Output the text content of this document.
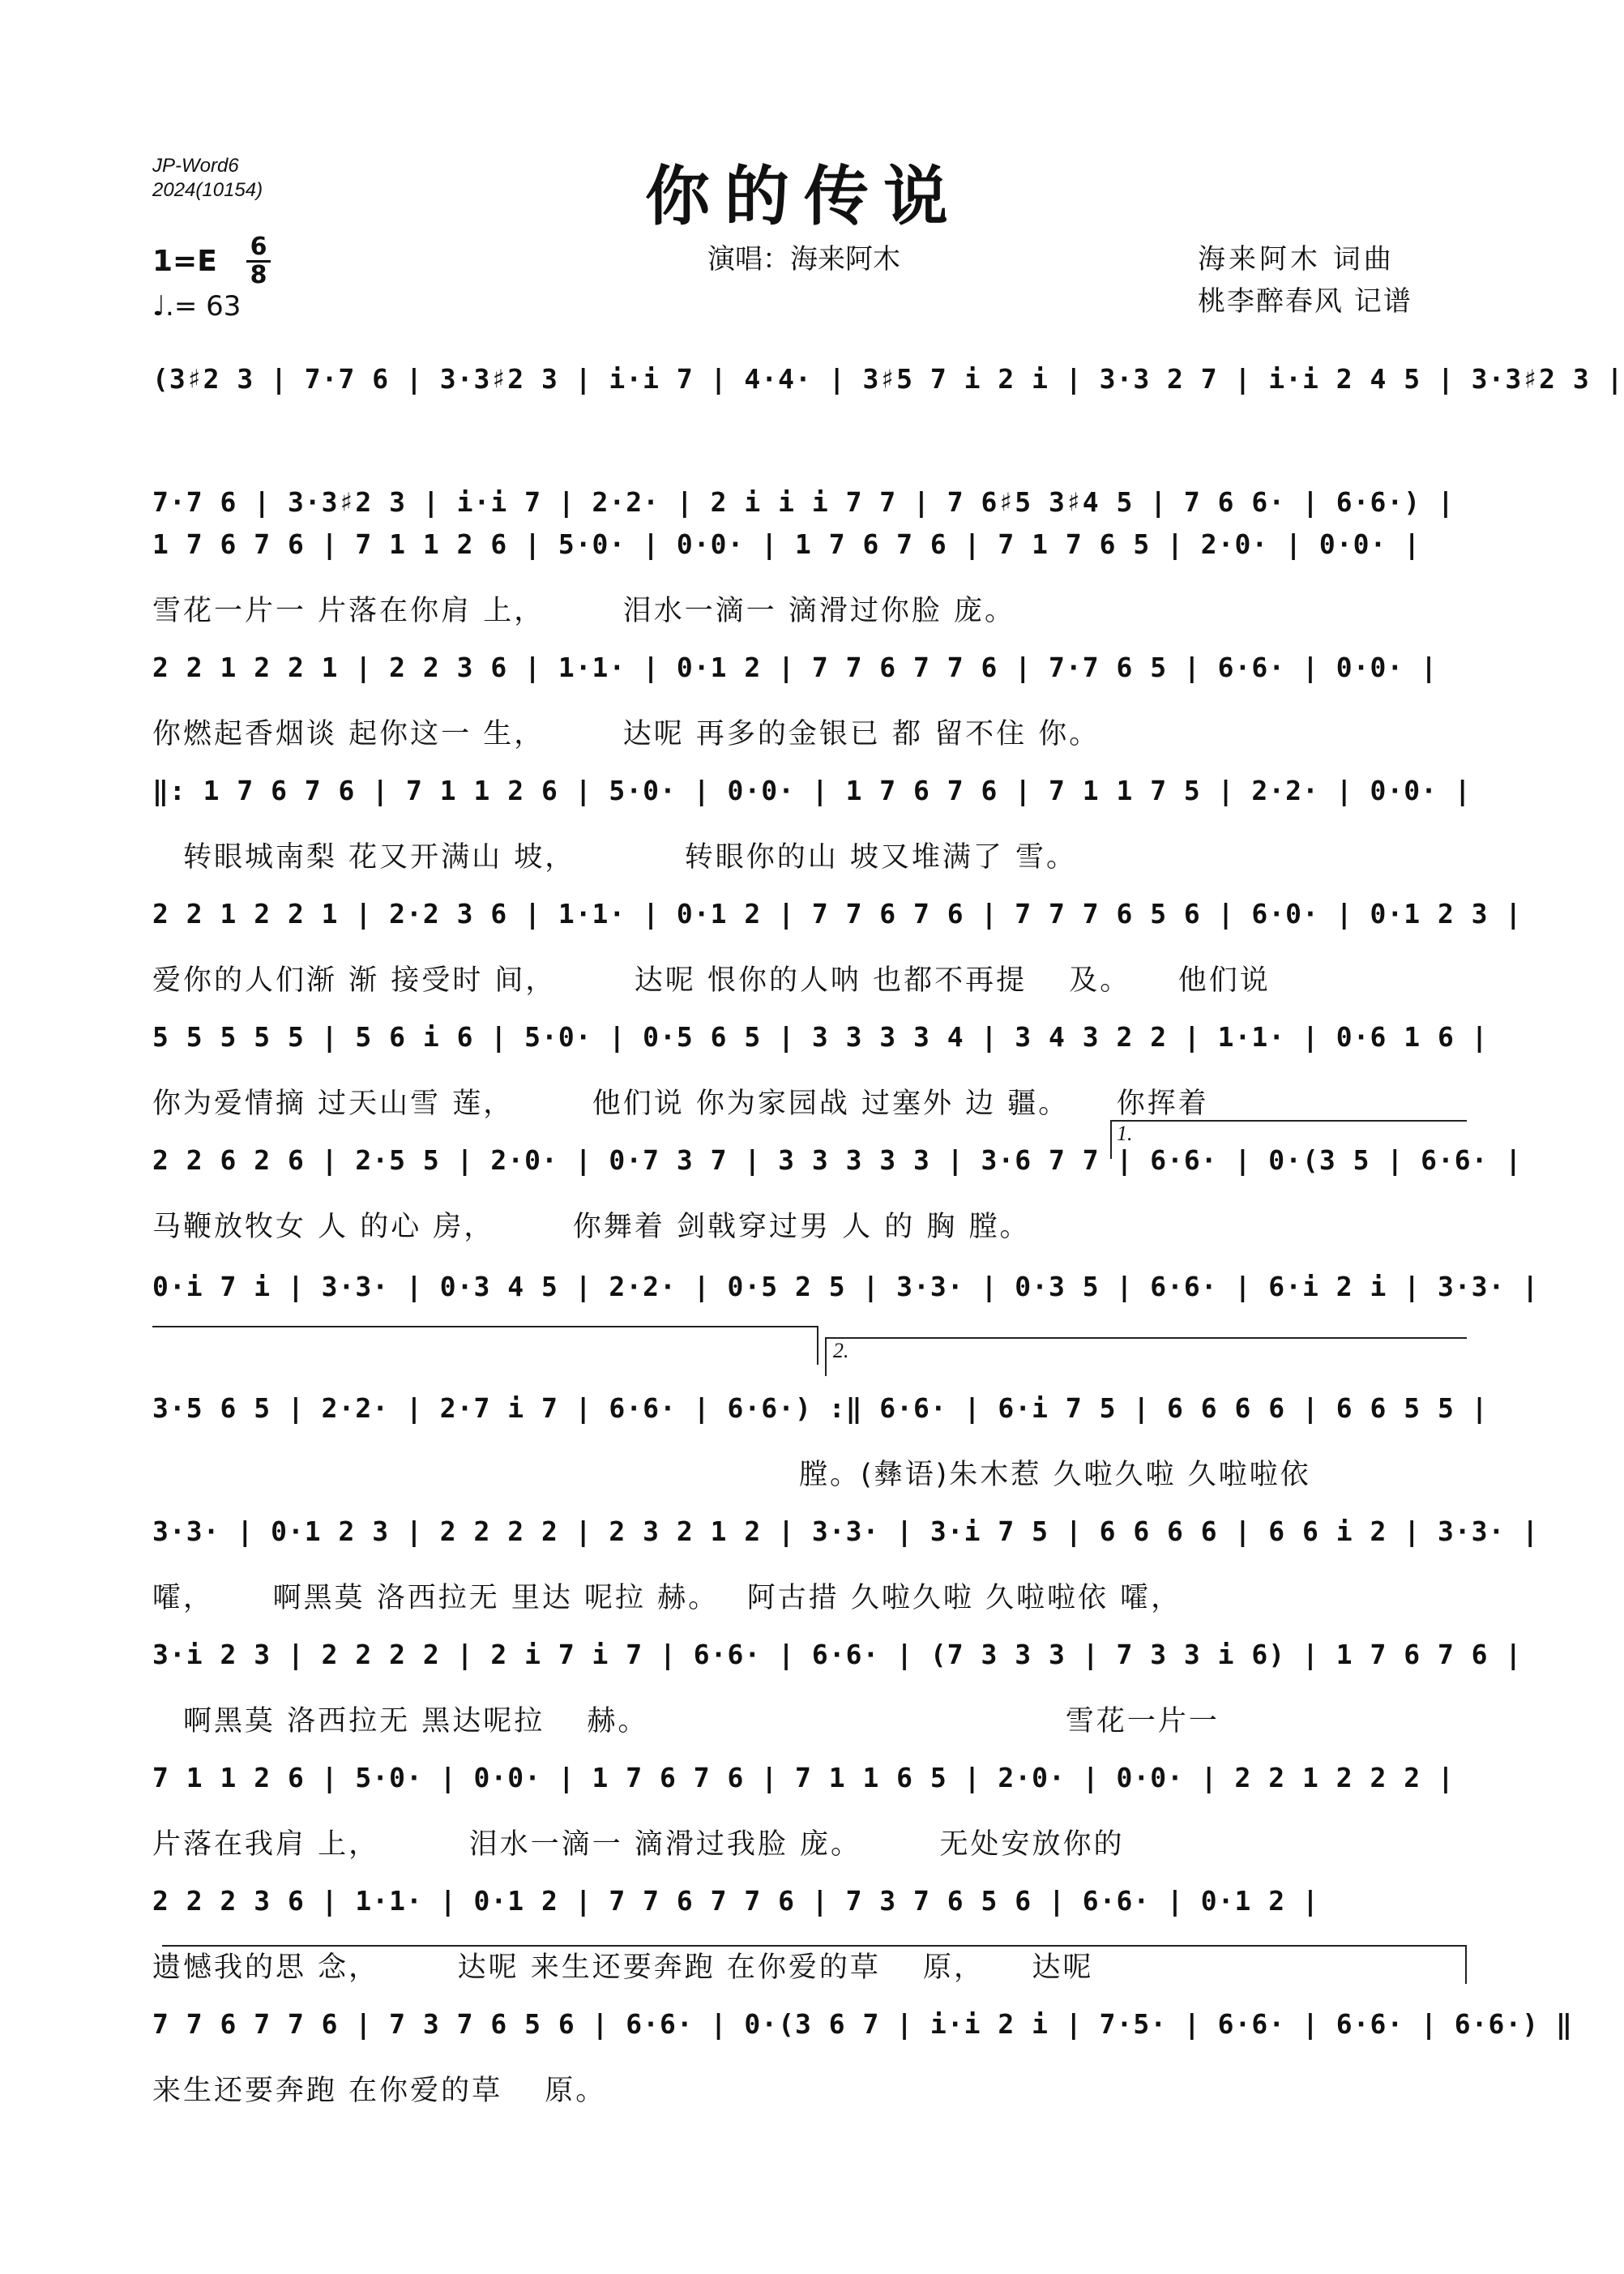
JP-Word6
2024(10154)	你的传说
演唱：海来阿木	海来阿木 词曲
桃李醉春风 记谱
1=E 6
8
♩.= 63
(3♯2 3 | 7·7 6 | 3·3♯2 3 | i·i 7 | 4·4· | 3♯5 7 i 2 i | 3·3 2 7 | i·i 2 4 5 | 3·3♯2 3 |
7·7 6 | 3·3♯2 3 | i·i 7 | 2·2· | 2 i i i 7 7 | 7 6♯5 3♯4 5 | 7 6 6· | 6·6·) |
1 7 6 7 6 | 7 1 1 2 6 | 5·0· | 0·0· | 1 7 6 7 6 | 7 1 7 6 5 | 2·0· | 0·0· |
雪花一片一 片落在你肩 上，　　　泪水一滴一 滴滑过你脸 庞。
2 2 1 2 2 1 | 2 2 3 6 | 1·1· | 0·1 2 | 7 7 6 7 7 6 | 7·7 6 5 | 6·6· | 0·0· |
你燃起香烟谈 起你这一 生，　　　达呢 再多的金银已 都 留不住 你。
‖: 1 7 6 7 6 | 7 1 1 2 6 | 5·0· | 0·0· | 1 7 6 7 6 | 7 1 1 7 5 | 2·2· | 0·0· |
　转眼城南梨 花又开满山 坡，　　　　转眼你的山 坡又堆满了 雪。
2 2 1 2 2 1 | 2·2 3 6 | 1·1· | 0·1 2 | 7 7 6 7 6 | 7 7 7 6 5 6 | 6·0· | 0·1 2 3 |
爱你的人们渐 渐 接受时 间，　　　达呢 恨你的人呐 也都不再提　 及。　　他们说
5 5 5 5 5 | 5 6 i 6 | 5·0· | 0·5 6 5 | 3 3 3 3 4 | 3 4 3 2 2 | 1·1· | 0·6 1 6 |
你为爱情摘 过天山雪 莲，　　　他们说 你为家园战 过塞外 边 疆。　　你挥着
2 2 6 2 6 | 2·5 5 | 2·0· | 0·7 3 7 | 3 3 3 3 3 | 3·6 7 7 | 6·6· | 0·(3 5 | 6·6· |
马鞭放牧女 人 的心 房，　　　你舞着 剑戟穿过男 人 的 胸 膛。
0·i 7 i | 3·3· | 0·3 4 5 | 2·2· | 0·5 2 5 | 3·3· | 0·3 5 | 6·6· | 6·i 2 i | 3·3· |
3·5 6 5 | 2·2· | 2·7 i 7 | 6·6· | 6·6·) :‖ 6·6· | 6·i 7 5 | 6 6 6 6 | 6 6 5 5 |
　　　　　　　　　　　　　　　　　　　　　膛。(彝语)朱木惹 久啦久啦 久啦啦依
3·3· | 0·1 2 3 | 2 2 2 2 | 2 3 2 1 2 | 3·3· | 3·i 7 5 | 6 6 6 6 | 6 6 i 2 | 3·3· |
嚯，　　 啊黑莫 洛西拉无 里达 呢拉 赫。　 阿古措 久啦久啦 久啦啦依 嚯，
3·i 2 3 | 2 2 2 2 | 2 i 7 i 7 | 6·6· | 6·6· | (7 3 3 3 | 7 3 3 i 6) | 1 7 6 7 6 |
　啊黑莫 洛西拉无 黑达呢拉　 赫。　　　　　　　　　　　　　　雪花一片一
7 1 1 2 6 | 5·0· | 0·0· | 1 7 6 7 6 | 7 1 1 6 5 | 2·0· | 0·0· | 2 2 1 2 2 2 |
片落在我肩 上，　　　 泪水一滴一 滴滑过我脸 庞。　　　无处安放你的
2 2 2 3 6 | 1·1· | 0·1 2 | 7 7 6 7 7 6 | 7 3 7 6 5 6 | 6·6· | 0·1 2 |
遗憾我的思 念，　　　达呢 来生还要奔跑 在你爱的草　 原，　　达呢
7 7 6 7 7 6 | 7 3 7 6 5 6 | 6·6· | 0·(3 6 7 | i·i 2 i | 7·5· | 6·6· | 6·6· | 6·6·) ‖
来生还要奔跑 在你爱的草　 原。
1.
2.
